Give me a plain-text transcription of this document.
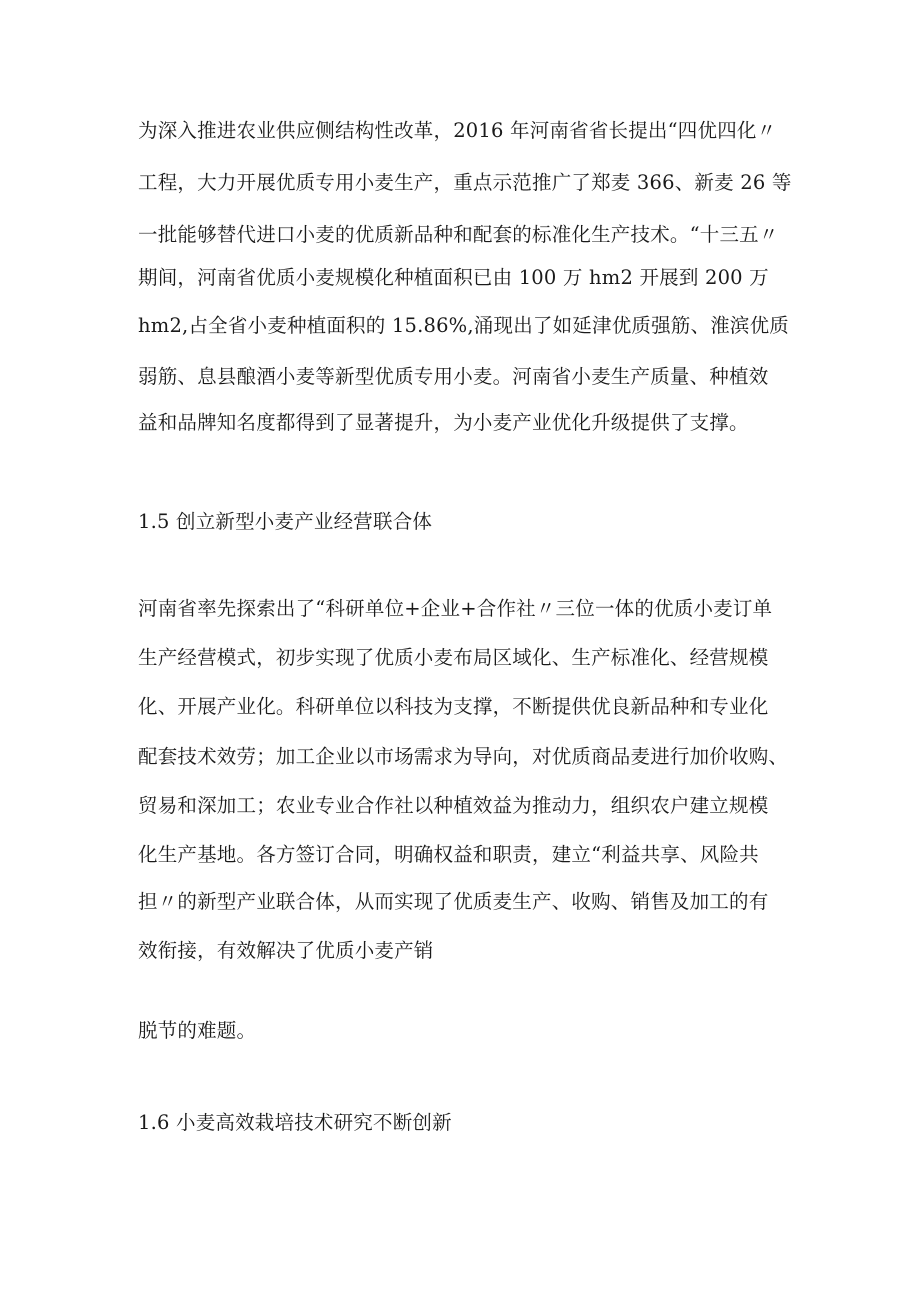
为深入推进农业供应侧结构性改革，2016 年河南省省长提出“四优四化〃
工程，大力开展优质专用小麦生产，重点示范推广了郑麦 366、新麦 26 等
一批能够替代进口小麦的优质新品种和配套的标准化生产技术。“十三五〃
期间，河南省优质小麦规模化种植面积已由 100 万 hm2 开展到 200 万
hm2,占全省小麦种植面积的 15.86%,涌现出了如延津优质强筋、淮滨优质
弱筋、息县酿酒小麦等新型优质专用小麦。河南省小麦生产质量、种植效
益和品牌知名度都得到了显著提升，为小麦产业优化升级提供了支撑。
1.5 创立新型小麦产业经营联合体
河南省率先探索出了“科研单位+企业+合作社〃三位一体的优质小麦订单
生产经营模式，初步实现了优质小麦布局区域化、生产标准化、经营规模
化、开展产业化。科研单位以科技为支撑，不断提供优良新品种和专业化
配套技术效劳；加工企业以市场需求为导向，对优质商品麦进行加价收购、
贸易和深加工；农业专业合作社以种植效益为推动力，组织农户建立规模
化生产基地。各方签订合同，明确权益和职责，建立“利益共享、风险共
担〃的新型产业联合体，从而实现了优质麦生产、收购、销售及加工的有
效衔接，有效解决了优质小麦产销
脱节的难题。
1.6 小麦高效栽培技术研究不断创新
